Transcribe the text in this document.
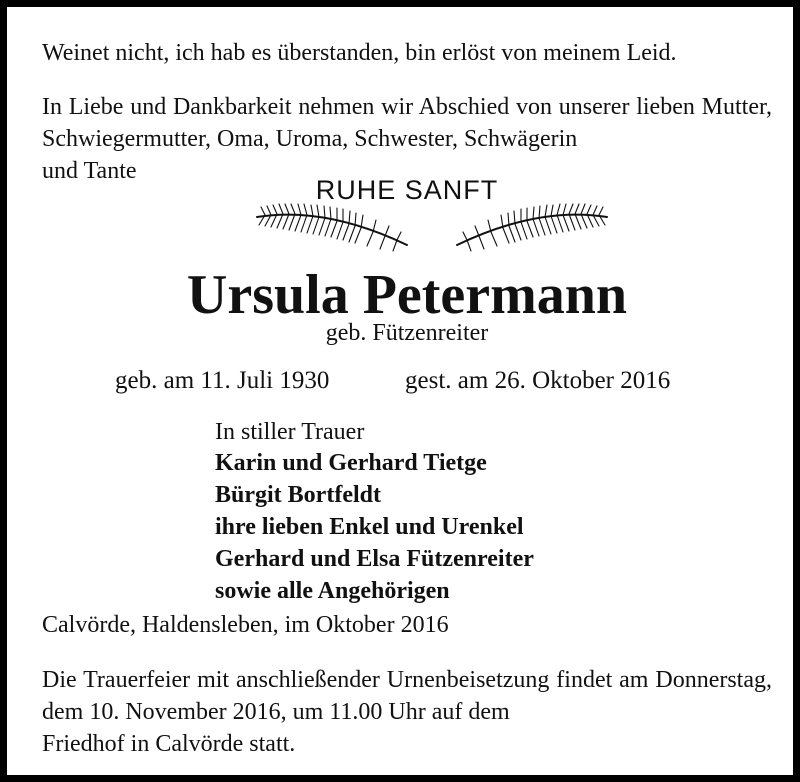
Weinet nicht, ich hab es überstanden, bin erlöst von meinem Leid.
In Liebe und Dankbarkeit nehmen wir Abschied von unserer lieben Mutter, Schwiegermutter, Oma, Uroma, Schwester, Schwägerin
und Tante
RUHE SANFT
Ursula Petermann
geb. Fützenreiter
geb. am 11. Juli 1930	gest. am 26. Oktober 2016
In stiller Trauer
Karin und Gerhard Tietge
Bürgit Bortfeldt
ihre lieben Enkel und Urenkel
Gerhard und Elsa Fützenreiter
sowie alle Angehörigen
Calvörde, Haldensleben, im Oktober 2016
Die Trauerfeier mit anschließender Urnenbeisetzung findet am Donnerstag, dem 10. November 2016, um 11.00 Uhr auf dem
Friedhof in Calvörde statt.
